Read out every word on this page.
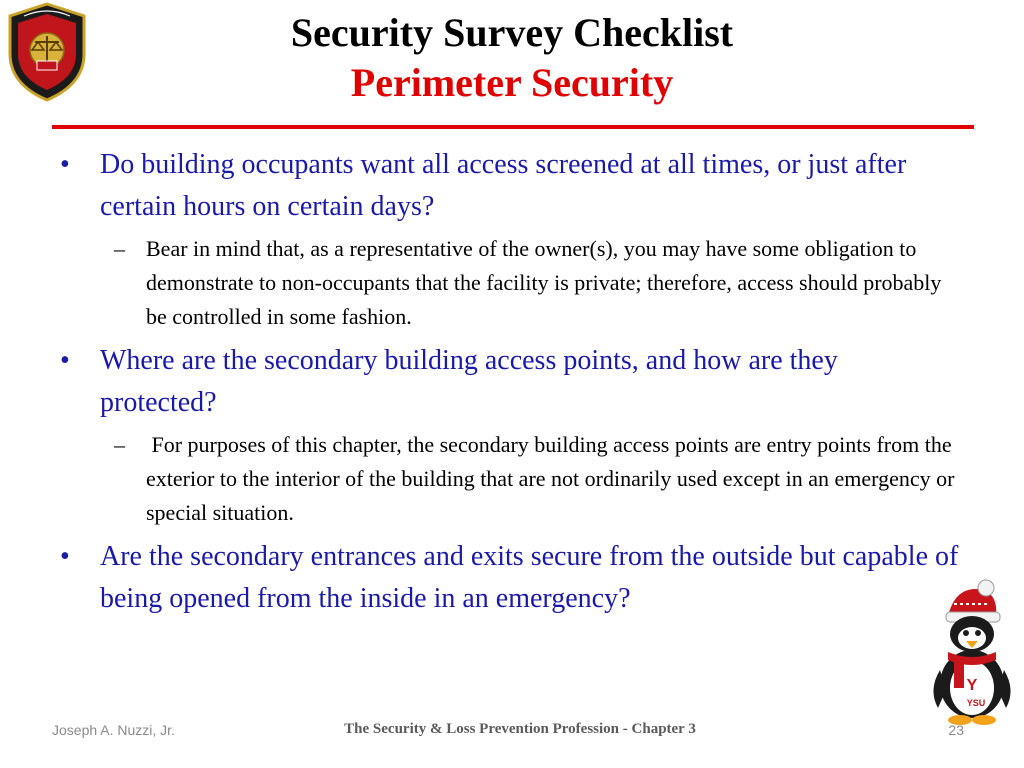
Security Survey Checklist
Perimeter Security
•	Do building occupants want all access screened at all times, or just after certain hours on certain days?
– Bear in mind that, as a representative of the owner(s), you may have some obligation to demonstrate to non-occupants that the facility is private; therefore, access should probably be controlled in some fashion.
•	Where are the secondary building access points, and how are they protected?
– For purposes of this chapter, the secondary building access points are entry points from the exterior to the interior of the building that are not ordinarily used except in an emergency or special situation.
•	Are the secondary entrances and exits secure from the outside but capable of being opened from the inside in an emergency?
Y
YSU
Joseph A. Nuzzi, Jr.	The Security & Loss Prevention Profession - Chapter 3	23
